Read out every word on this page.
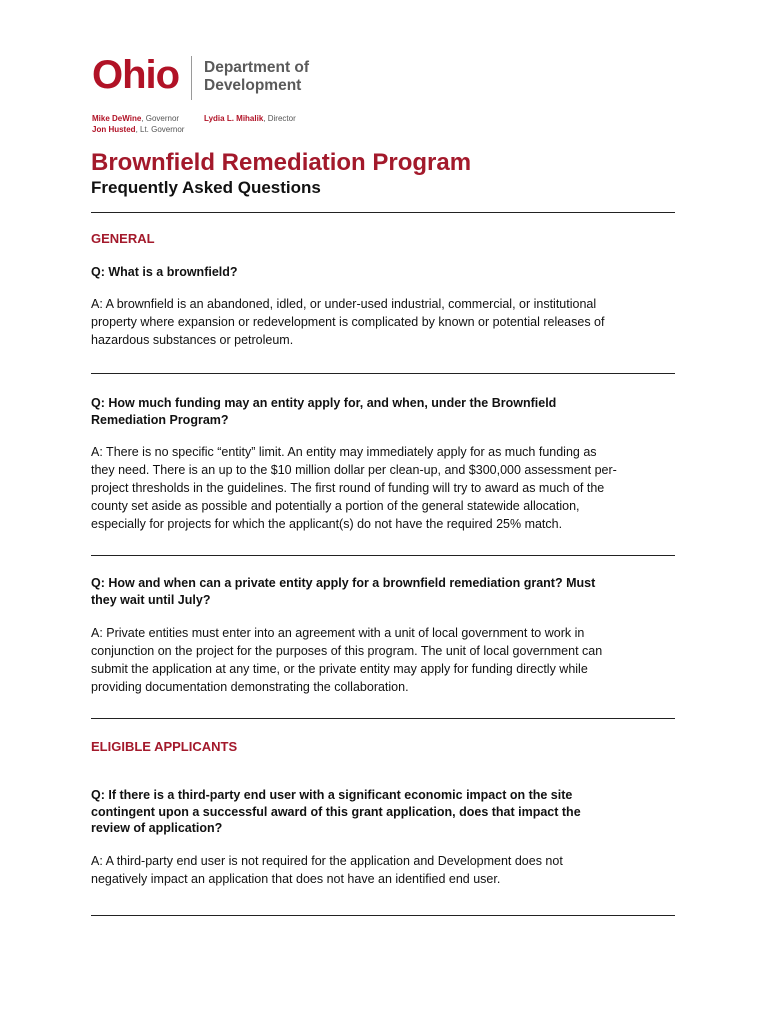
Ohio Department of
Development
Mike DeWine, Governor
Jon Husted, Lt. Governor
Lydia L. Mihalik, Director
Brownfield Remediation Program
Frequently Asked Questions
GENERAL
Q: What is a brownfield?
A: A brownfield is an abandoned, idled, or under-used industrial, commercial, or institutional
property where expansion or redevelopment is complicated by known or potential releases of
hazardous substances or petroleum.
Q: How much funding may an entity apply for, and when, under the Brownfield
Remediation Program?
A: There is no specific “entity” limit. An entity may immediately apply for as much funding as
they need. There is an up to the $10 million dollar per clean-up, and $300,000 assessment per-
project thresholds in the guidelines. The first round of funding will try to award as much of the
county set aside as possible and potentially a portion of the general statewide allocation,
especially for projects for which the applicant(s) do not have the required 25% match.
Q: How and when can a private entity apply for a brownfield remediation grant? Must
they wait until July?
A: Private entities must enter into an agreement with a unit of local government to work in
conjunction on the project for the purposes of this program. The unit of local government can
submit the application at any time, or the private entity may apply for funding directly while
providing documentation demonstrating the collaboration.
ELIGIBLE APPLICANTS
Q: If there is a third-party end user with a significant economic impact on the site
contingent upon a successful award of this grant application, does that impact the
review of application?
A: A third-party end user is not required for the application and Development does not
negatively impact an application that does not have an identified end user.
